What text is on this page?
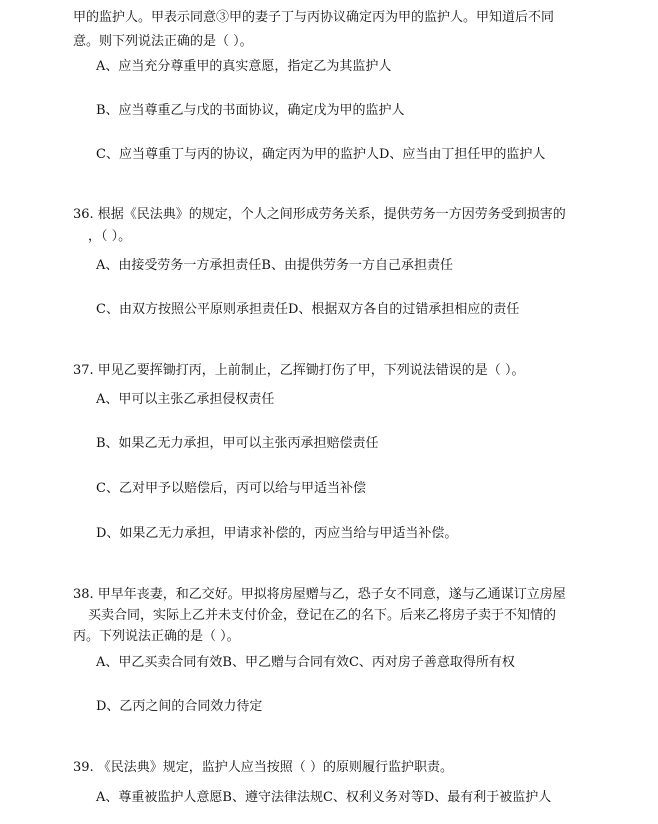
甲的监护人。甲表示同意③甲的妻子丁与丙协议确定丙为甲的监护人。甲知道后不同

意。则下列说法正确的是（ ）。

A、应当充分尊重甲的真实意愿，指定乙为其监护人

B、应当尊重乙与戊的书面协议，确定戊为甲的监护人

C、应当尊重丁与丙的协议，确定丙为甲的监护人D、应当由丁担任甲的监护人

36. 根据《民法典》的规定，个人之间形成劳务关系，提供劳务一方因劳务受到损害的

，（ ）。

A、由接受劳务一方承担责任B、由提供劳务一方自己承担责任

C、由双方按照公平原则承担责任D、根据双方各自的过错承担相应的责任

37. 甲见乙要挥锄打丙，上前制止，乙挥锄打伤了甲，下列说法错误的是（ ）。

A、甲可以主张乙承担侵权责任

B、如果乙无力承担，甲可以主张丙承担赔偿责任

C、乙对甲予以赔偿后，丙可以给与甲适当补偿

D、如果乙无力承担，甲请求补偿的，丙应当给与甲适当补偿。

38. 甲早年丧妻，和乙交好。甲拟将房屋赠与乙，恐子女不同意，遂与乙通谋订立房屋

买卖合同，实际上乙并未支付价金，登记在乙的名下。后来乙将房子卖于不知情的

丙。下列说法正确的是（ ）。

A、甲乙买卖合同有效B、甲乙赠与合同有效C、丙对房子善意取得所有权

D、乙丙之间的合同效力待定

39. 《民法典》规定，监护人应当按照（ ）的原则履行监护职责。

A、尊重被监护人意愿B、遵守法律法规C、权利义务对等D、最有利于被监护人
